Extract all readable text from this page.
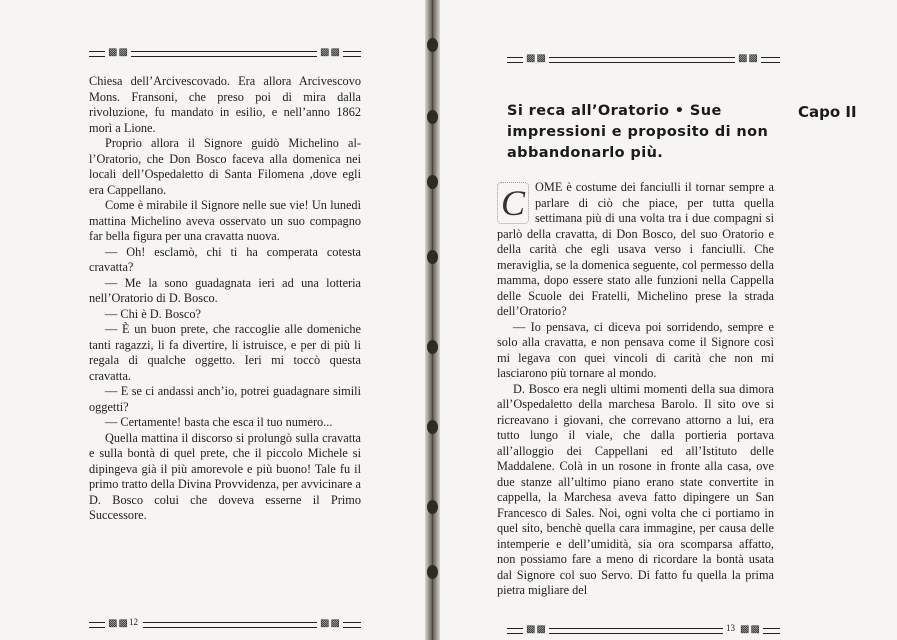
▩▩	▩▩

Chiesa dell’Arcivescovado. Era allora Arcivescovo Mons. Fransoni, che preso poi di mira dalla rivoluzione, fu mandato in esilio, e nell’anno 1862 morì a Lione.

Proprio allora il Signore guidò Michelino al-l’Oratorio, che Don Bosco faceva alla domenica nei locali dell’Ospedaletto di Santa Filomena ,dove egli era Cappellano.

Come è mirabile il Signore nelle sue vie! Un lunedì mattina Michelino aveva osservato un suo compagno far bella figura per una cravatta nuova.

— Oh! esclamò, chi ti ha comperata cotesta cravatta?

— Me la sono guadagnata ieri ad una lotteria nell’Oratorio di D. Bosco.

— Chi è D. Bosco?

— È un buon prete, che raccoglie alle domeniche tanti ragazzi, li fa divertire, li istruisce, e per di più li regala di qualche oggetto. Ieri mi toccò questa cravatta.

— E se ci andassi anch’io, potrei guadagnare simili oggetti?

— Certamente! basta che esca il tuo numero...

Quella mattina il discorso si prolungò sulla cravatta e sulla bontà di quel prete, che il piccolo Michele si dipingeva già il più amorevole e più buono! Tale fu il primo tratto della Divina Provvidenza, per avvicinare a D. Bosco colui che doveva esserne il Primo Successore.

▩▩ 12	▩▩
▩▩	▩▩
▩▩	13 ▩▩
Si reca all’Oratorio • Sue impressioni e proposito di non abbandonarlo più.
Capo II

C OME è costume dei fanciulli il tornar sempre a parlare di ciò che piace, per tutta quella settimana più di una volta tra i due compagni si parlò della cravatta, di Don Bosco, del suo Oratorio e della carità che egli usava verso i fanciulli. Che meraviglia, se la domenica seguente, col permesso della mamma, dopo essere stato alle funzioni nella Cappella delle Scuole dei Fratelli, Michelino prese la strada dell’Oratorio?

— Io pensava, ci diceva poi sorridendo, sempre e solo alla cravatta, e non pensava come il Signore così mi legava con quei vincoli di carità che non mi lasciarono più tornare al mondo.

D. Bosco era negli ultimi momenti della sua dimora all’Ospedaletto della marchesa Barolo. Il sito ove si ricreavano i giovani, che correvano attorno a lui, era tutto lungo il viale, che dalla portieria portava all’alloggio dei Cappellani ed all’Istituto delle Maddalene. Colà in un rosone in fronte alla casa, ove due stanze all’ultimo piano erano state convertite in cappella, la Marchesa aveva fatto dipingere un San Francesco di Sales. Noi, ogni volta che ci portiamo in quel sito, benchè quella cara immagine, per causa delle intemperie e dell’umidità, sia ora scomparsa affatto, non possiamo fare a meno di ricordare la bontà usata dal Signore col suo Servo. Di fatto fu quella la prima pietra migliare del
